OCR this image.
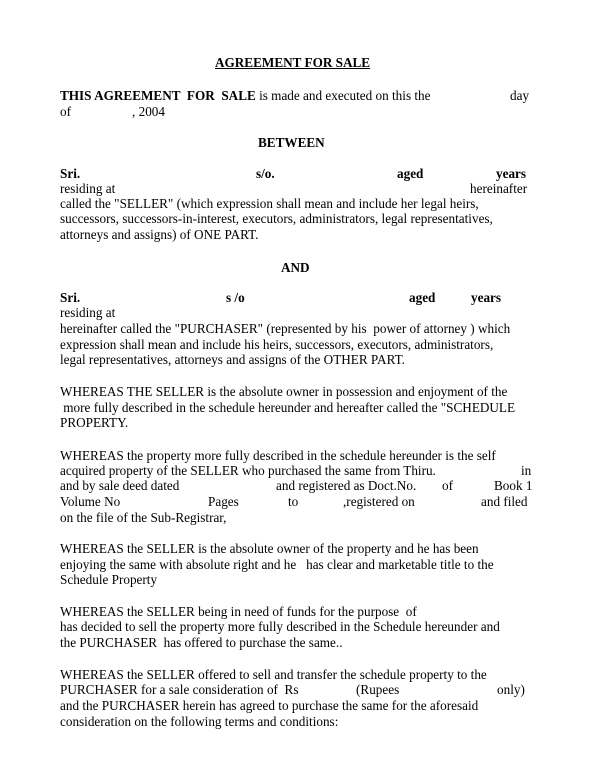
AGREEMENT FOR SALE
THIS AGREEMENT  FOR  SALE is made and executed on this the	day
of	, 2004
BETWEEN
Sri.	s/o.	aged	years
residing at	hereinafter
called the "SELLER" (which expression shall mean and include her legal heirs,
successors, successors-in-interest, executors, administrators, legal representatives,
attorneys and assigns) of ONE PART.
AND
Sri.	s /o	aged	years
residing at
hereinafter called the "PURCHASER" (represented by his  power of attorney ) which
expression shall mean and include his heirs, successors, executors, administrators,
legal representatives, attorneys and assigns of the OTHER PART.
WHEREAS THE SELLER is the absolute owner in possession and enjoyment of the
more fully described in the schedule hereunder and hereafter called the "SCHEDULE
PROPERTY.
WHEREAS the property more fully described in the schedule hereunder is the self
acquired property of the SELLER who purchased the same from Thiru.	in
and by sale deed dated	and registered as Doct.No. of	Book 1
Volume No	Pages	to	,registered on	and filed
on the file of the Sub-Registrar,
WHEREAS the SELLER is the absolute owner of the property and he has been
enjoying the same with absolute right and he   has clear and marketable title to the
Schedule Property
WHEREAS the SELLER being in need of funds for the purpose  of
has decided to sell the property more fully described in the Schedule hereunder and
the PURCHASER  has offered to purchase the same..
WHEREAS the SELLER offered to sell and transfer the schedule property to the
PURCHASER for a sale consideration of  Rs	(Rupees	only)
and the PURCHASER herein has agreed to purchase the same for the aforesaid
consideration on the following terms and conditions:
